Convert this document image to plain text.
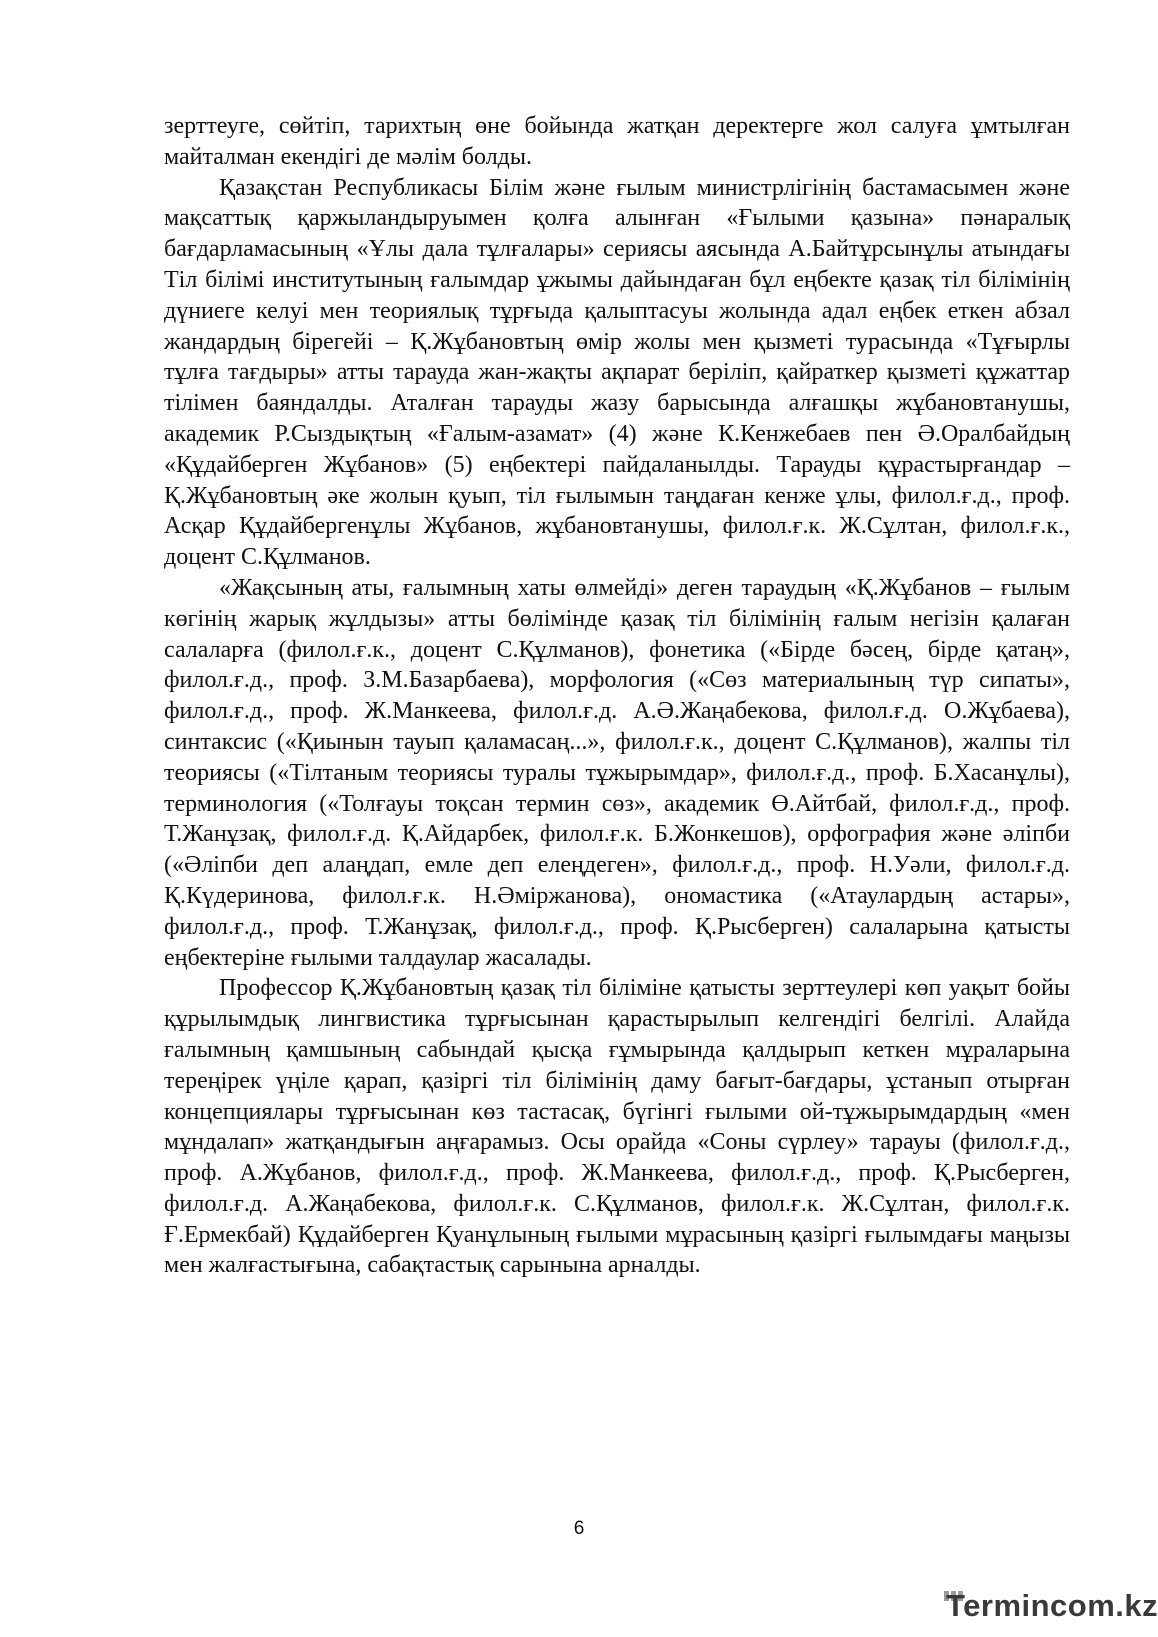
зерттеуге, сөйтіп, тарихтың өне бойында жатқан деректерге жол салуға ұмтылған майталман екендігі де мәлім болды.

Қазақстан Республикасы Білім және ғылым министрлігінің бастамасымен және мақсаттық қаржыландыруымен қолға алынған «Ғылыми қазына» пәнаралық бағдарламасының «Ұлы дала тұлғалары» сериясы аясында А.Байтұрсынұлы атындағы Тіл білімі институтының ғалымдар ұжымы дайындаған бұл еңбекте қазақ тіл білімінің дүниеге келуі мен теориялық тұрғыда қалыптасуы жолында адал еңбек еткен абзал жандардың бірегейі – Қ.Жұбановтың өмір жолы мен қызметі турасында «Тұғырлы тұлға тағдыры» атты тарауда жан-жақты ақпарат беріліп, қайраткер қызметі құжаттар тілімен баяндалды. Аталған тарауды жазу барысында алғашқы жұбановтанушы, академик Р.Сыздықтың «Ғалым-азамат» (4) және К.Кенжебаев пен Ә.Оралбайдың «Құдайберген Жұбанов» (5) еңбектері пайдаланылды. Тарауды құрастырғандар – Қ.Жұбановтың әке жолын қуып, тіл ғылымын таңдаған кенже ұлы, филол.ғ.д., проф. Асқар Құдайбергенұлы Жұбанов, жұбановтанушы, филол.ғ.к. Ж.Сұлтан, филол.ғ.к., доцент С.Құлманов.

«Жақсының аты, ғалымның хаты өлмейді» деген тараудың «Қ.Жұбанов – ғылым көгінің жарық жұлдызы» атты бөлімінде қазақ тіл білімінің ғалым негізін қалаған салаларға (филол.ғ.к., доцент С.Құлманов), фонетика («Бірде бәсең, бірде қатаң», филол.ғ.д., проф. З.М.Базарбаева), морфология («Сөз материалының түр сипаты», филол.ғ.д., проф. Ж.Манкеева, филол.ғ.д. А.Ә.Жаңабекова, филол.ғ.д. О.Жұбаева), синтаксис («Қиынын тауып қаламасаң...», филол.ғ.к., доцент С.Құлманов), жалпы тіл теориясы («Тілтаным теориясы туралы тұжырымдар», филол.ғ.д., проф. Б.Хасанұлы), терминология («Толғауы тоқсан термин сөз», академик Ө.Айтбай, филол.ғ.д., проф. Т.Жанұзақ, филол.ғ.д. Қ.Айдарбек, филол.ғ.к. Б.Жонкешов), орфография және әліпби («Әліпби деп алаңдап, емле деп елеңдеген», филол.ғ.д., проф. Н.Уәли, филол.ғ.д. Қ.Күдеринова, филол.ғ.к. Н.Әміржанова), ономастика («Атаулардың астары», филол.ғ.д., проф. Т.Жанұзақ, филол.ғ.д., проф. Қ.Рысберген) салаларына қатысты еңбектеріне ғылыми талдаулар жасалады.

Профессор Қ.Жұбановтың қазақ тіл біліміне қатысты зерттеулері көп уақыт бойы құрылымдық лингвистика тұрғысынан қарастырылып келгендігі белгілі. Алайда ғалымның қамшының сабындай қысқа ғұмырында қалдырып кеткен мұраларына тереңірек үңіле қарап, қазіргі тіл білімінің даму бағыт-бағдары, ұстанып отырған концепциялары тұрғысынан көз тастасақ, бүгінгі ғылыми ой-тұжырымдардың «мен мұндалап» жатқандығын аңғарамыз. Осы орайда «Соны сүрлеу» тарауы (филол.ғ.д., проф. А.Жұбанов, филол.ғ.д., проф. Ж.Манкеева, филол.ғ.д., проф. Қ.Рысберген, филол.ғ.д. А.Жаңабекова, филол.ғ.к. С.Құлманов, филол.ғ.к. Ж.Сұлтан, филол.ғ.к. Ғ.Ермекбай) Құдайберген Қуанұлының ғылыми мұрасының қазіргі ғылымдағы маңызы мен жалғастығына, сабақтастық сарынына арналды.

6
Termincom.kz
